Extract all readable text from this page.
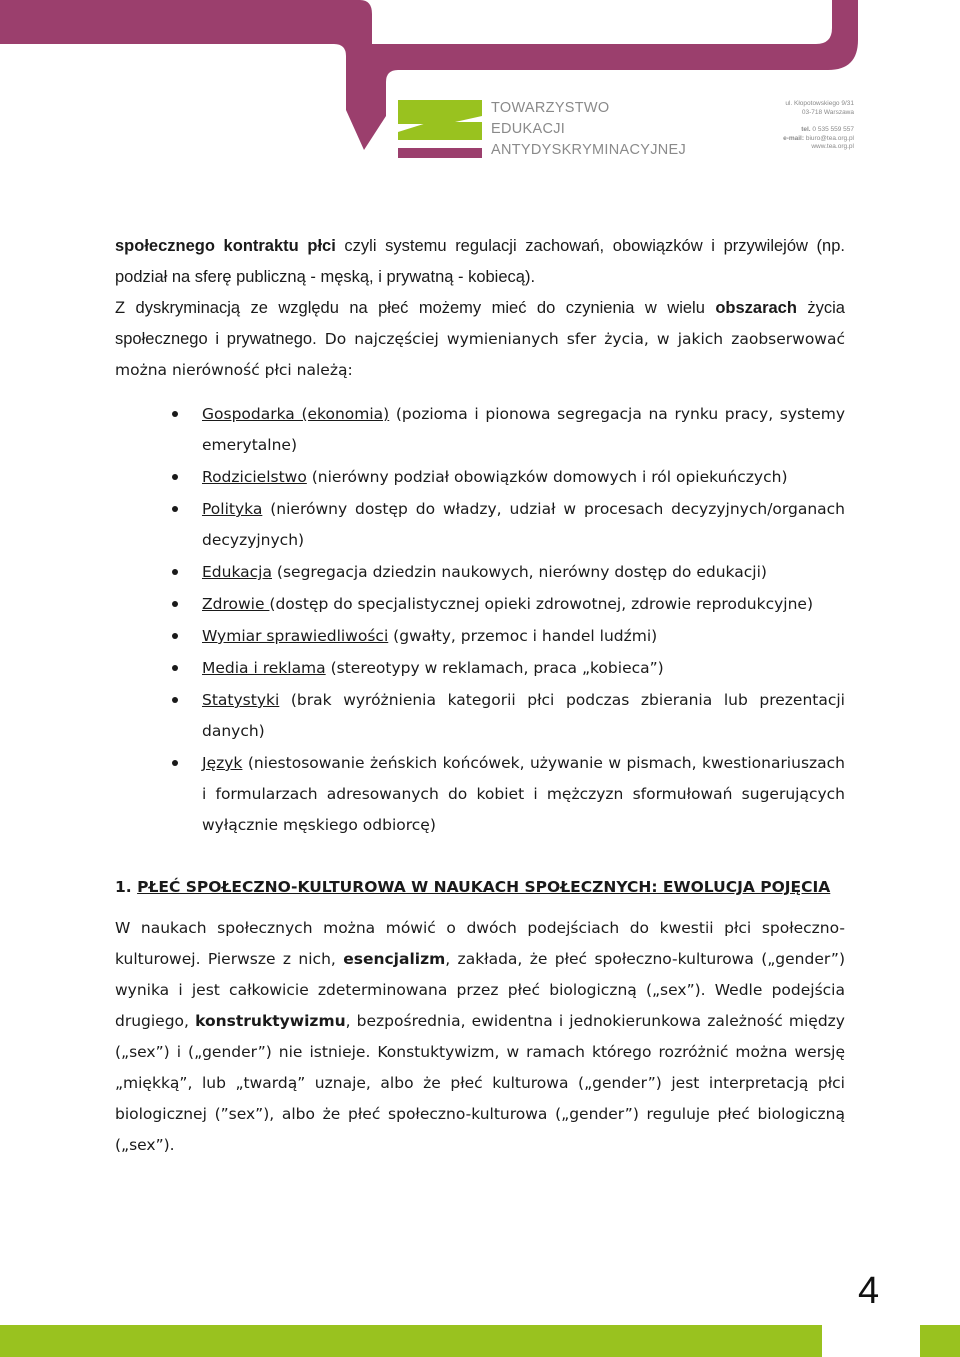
TOWARZYSTWO
EDUKACJI
ANTYDYSKRYMINACYJNEJ
ul. Kłopotowskiego 9/31
03-718 Warszawa
tel. 0 535 559 557
e-mail: biuro@tea.org.pl
www.tea.org.pl

społecznego kontraktu płci czyli systemu regulacji zachowań, obowiązków i przywilejów (np. podział na sferę publiczną - męską, i prywatną - kobiecą).

Z dyskryminacją ze względu na płeć możemy mieć do czynienia w wielu obszarach życia społecznego i prywatnego. Do najczęściej wymienianych sfer życia, w jakich zaobserwować można nierówność płci należą:

Gospodarka (ekonomia) (pozioma i pionowa segregacja na rynku pracy, systemy emerytalne)
Rodzicielstwo (nierówny podział obowiązków domowych i ról opiekuńczych)
Polityka (nierówny dostęp do władzy, udział w procesach decyzyjnych/organach decyzyjnych)
Edukacja (segregacja dziedzin naukowych, nierówny dostęp do edukacji)
Zdrowie (dostęp do specjalistycznej opieki zdrowotnej, zdrowie reprodukcyjne)
Wymiar sprawiedliwości (gwałty, przemoc i handel ludźmi)
Media i reklama (stereotypy w reklamach, praca „kobieca”)
Statystyki (brak wyróżnienia kategorii płci podczas zbierania lub prezentacji danych)
Język (niestosowanie żeńskich końcówek, używanie w pismach, kwestionariuszach i formularzach adresowanych do kobiet i mężczyzn sformułowań sugerujących wyłącznie męskiego odbiorcę)
1. PŁEĆ SPOŁECZNO-KULTUROWA W NAUKACH SPOŁECZNYCH: EWOLUCJA POJĘCIA

W naukach społecznych można mówić o dwóch podejściach do kwestii płci społeczno-kulturowej. Pierwsze z nich, esencjalizm, zakłada, że płeć społeczno-kulturowa („gender”) wynika i jest całkowicie zdeterminowana przez płeć biologiczną („sex”). Wedle podejścia drugiego, konstruktywizmu, bezpośrednia, ewidentna i jednokierunkowa zależność między („sex”) i („gender”) nie istnieje. Konstuktywizm, w ramach którego rozróżnić można wersję „miękką”, lub „twardą” uznaje, albo że płeć kulturowa („gender”) jest interpretacją płci biologicznej (”sex”), albo że płeć społeczno-kulturowa („gender”) reguluje płeć biologiczną („sex”).

4
